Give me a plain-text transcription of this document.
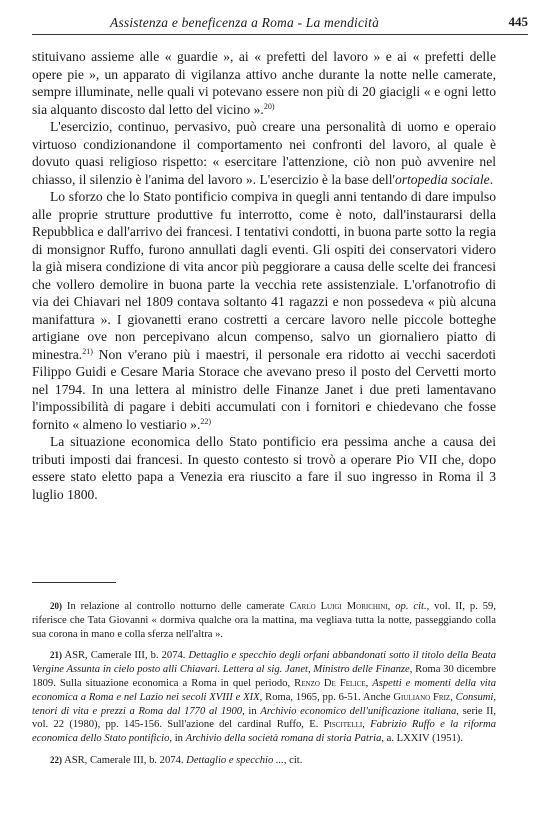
Assistenza e beneficenza a Roma - La mendicità	445

stituivano assieme alle « guardie », ai « prefetti del lavoro » e ai « prefetti delle opere pie », un apparato di vigilanza attivo anche durante la notte nelle camerate, sempre illuminate, nelle quali vi potevano essere non più di 20 giacigli « e ogni letto sia alquanto discosto dal letto del vicino ».$^{20)}$

L'esercizio, continuo, pervasivo, può creare una personalità di uomo e operaio virtuoso condizionandone il comportamento nei confronti del lavoro, al quale è dovuto quasi religioso rispetto: « esercitare l'attenzione, ciò non può avvenire nel chiasso, il silenzio è l'anima del lavoro ». L'esercizio è la base dell'ortopedia sociale.

Lo sforzo che lo Stato pontificio compiva in quegli anni tentando di dare impulso alle proprie strutture produttive fu interrotto, come è noto, dall'instaurarsi della Repubblica e dall'arrivo dei francesi. I tentativi condotti, in buona parte sotto la regia di monsignor Ruffo, furono annullati dagli eventi. Gli ospiti dei conservatori videro la già misera condizione di vita ancor più peggiorare a causa delle scelte dei francesi che vollero demolire in buona parte la vecchia rete assistenziale. L'orfanotrofio di via dei Chiavari nel 1809 contava soltanto 41 ragazzi e non possedeva « più alcuna manifattura ». I giovanetti erano costretti a cercare lavoro nelle piccole botteghe artigiane ove non percepivano alcun compenso, salvo un giornaliero piatto di minestra.$^{21)}$ Non v'erano più i maestri, il personale era ridotto ai vecchi sacerdoti Filippo Guidi e Cesare Maria Storace che avevano preso il posto del Cervetti morto nel 1794. In una lettera al ministro delle Finanze Janet i due preti lamentavano l'impossibilità di pagare i debiti accumulati con i fornitori e chiedevano che fosse fornito « almeno lo vestiario ».$^{22)}$

La situazione economica dello Stato pontificio era pessima anche a causa dei tributi imposti dai francesi. In questo contesto si trovò a operare Pio VII che, dopo essere stato eletto papa a Venezia era riuscito a fare il suo ingresso in Roma il 3 luglio 1800.

20) In relazione al controllo notturno delle camerate Carlo Luigi Morichini, op. cit., vol. II, p. 59, riferisce che Tata Giovanni « dormiva qualche ora la mattina, ma vegliava tutta la notte, passeggiando colla sua corona in mano e colla sferza nell'altra ».

21) ASR, Camerale III, b. 2074. Dettaglio e specchio degli orfani abbandonati sotto il titolo della Beata Vergine Assunta in cielo posto alli Chiavari. Lettera al sig. Janet, Ministro delle Finanze, Roma 30 dicembre 1809. Sulla situazione economica a Roma in quel periodo, Renzo De Felice, Aspetti e momenti della vita economica a Roma e nel Lazio nei secoli XVIII e XIX, Roma, 1965, pp. 6-51. Anche Giuliano Friz, Consumi, tenori di vita e prezzi a Roma dal 1770 al 1900, in Archivio economico dell'unificazione italiana, serie II, vol. 22 (1980), pp. 145-156. Sull'azione del cardinal Ruffo, E. Piscitelli, Fabrizio Ruffo e la riforma economica dello Stato pontificio, in Archivio della società romana di storia Patria, a. LXXIV (1951).

22) ASR, Camerale III, b. 2074. Dettaglio e specchio ..., cit.
